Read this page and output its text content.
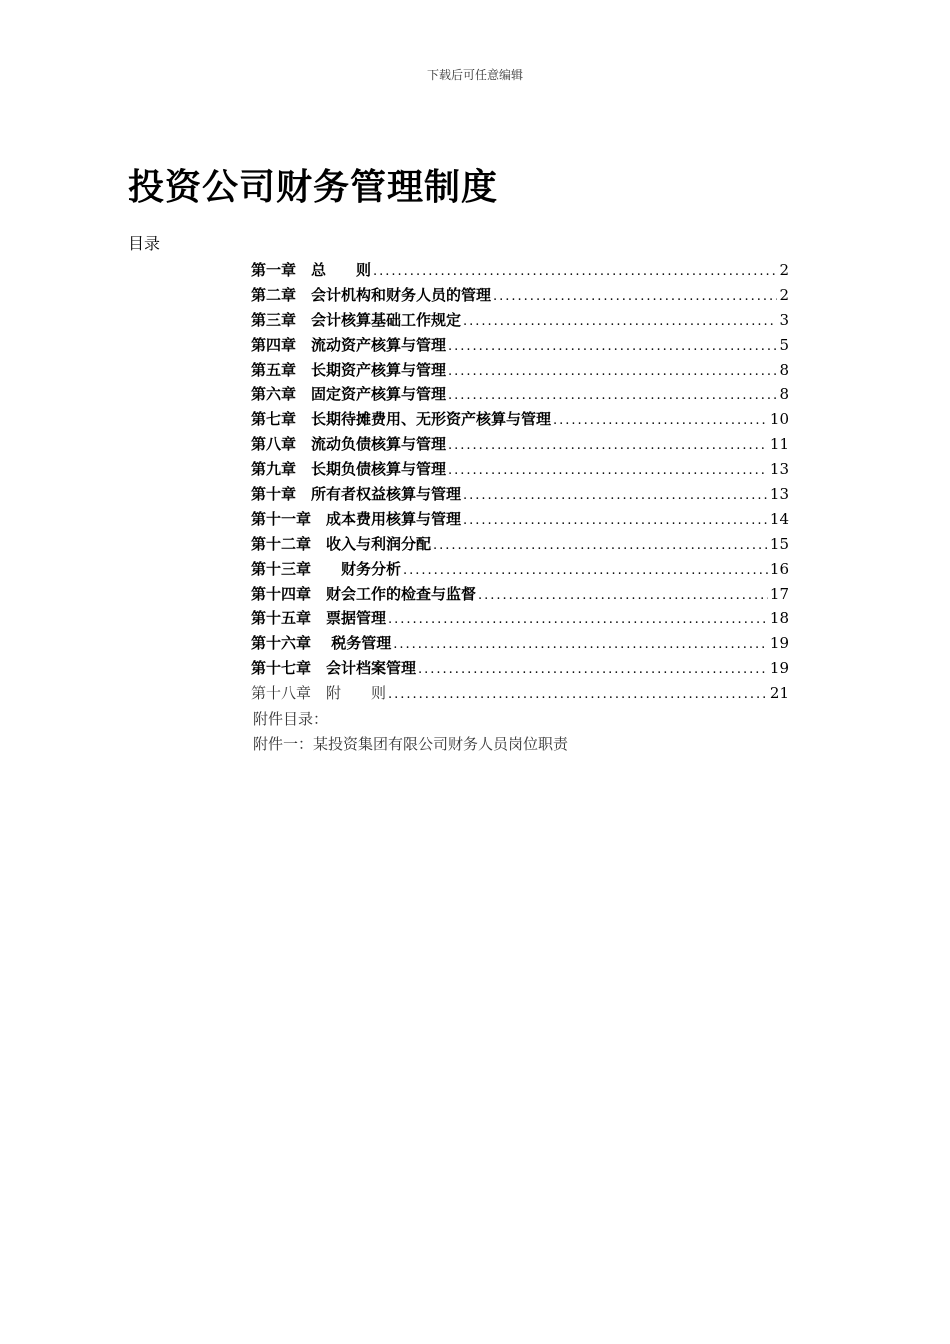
下载后可任意编辑
投资公司财务管理制度
目录
第一章　总　　则 .....	2
第二章　会计机构和财务人员的管理 .....	2
第三章　会计核算基础工作规定 .....	3
第四章　流动资产核算与管理 .....	5
第五章　长期资产核算与管理 .....	8
第六章　固定资产核算与管理 .....	8
第七章　长期待摊费用、无形资产核算与管理 .....	10
第八章　流动负债核算与管理 .....	11
第九章　长期负债核算与管理 .....	13
第十章　所有者权益核算与管理 .....	13
第十一章　成本费用核算与管理 .....	14
第十二章　收入与利润分配 .....	15
第十三章　　财务分析 .....	16
第十四章　财会工作的检查与监督 .....	17
第十五章　票据管理 .....	18
第十六章　 税务管理 .....	19
第十七章　会计档案管理 .....	19
第十八章　附　　则 .....	21
附件目录：
附件一：某投资集团有限公司财务人员岗位职责
